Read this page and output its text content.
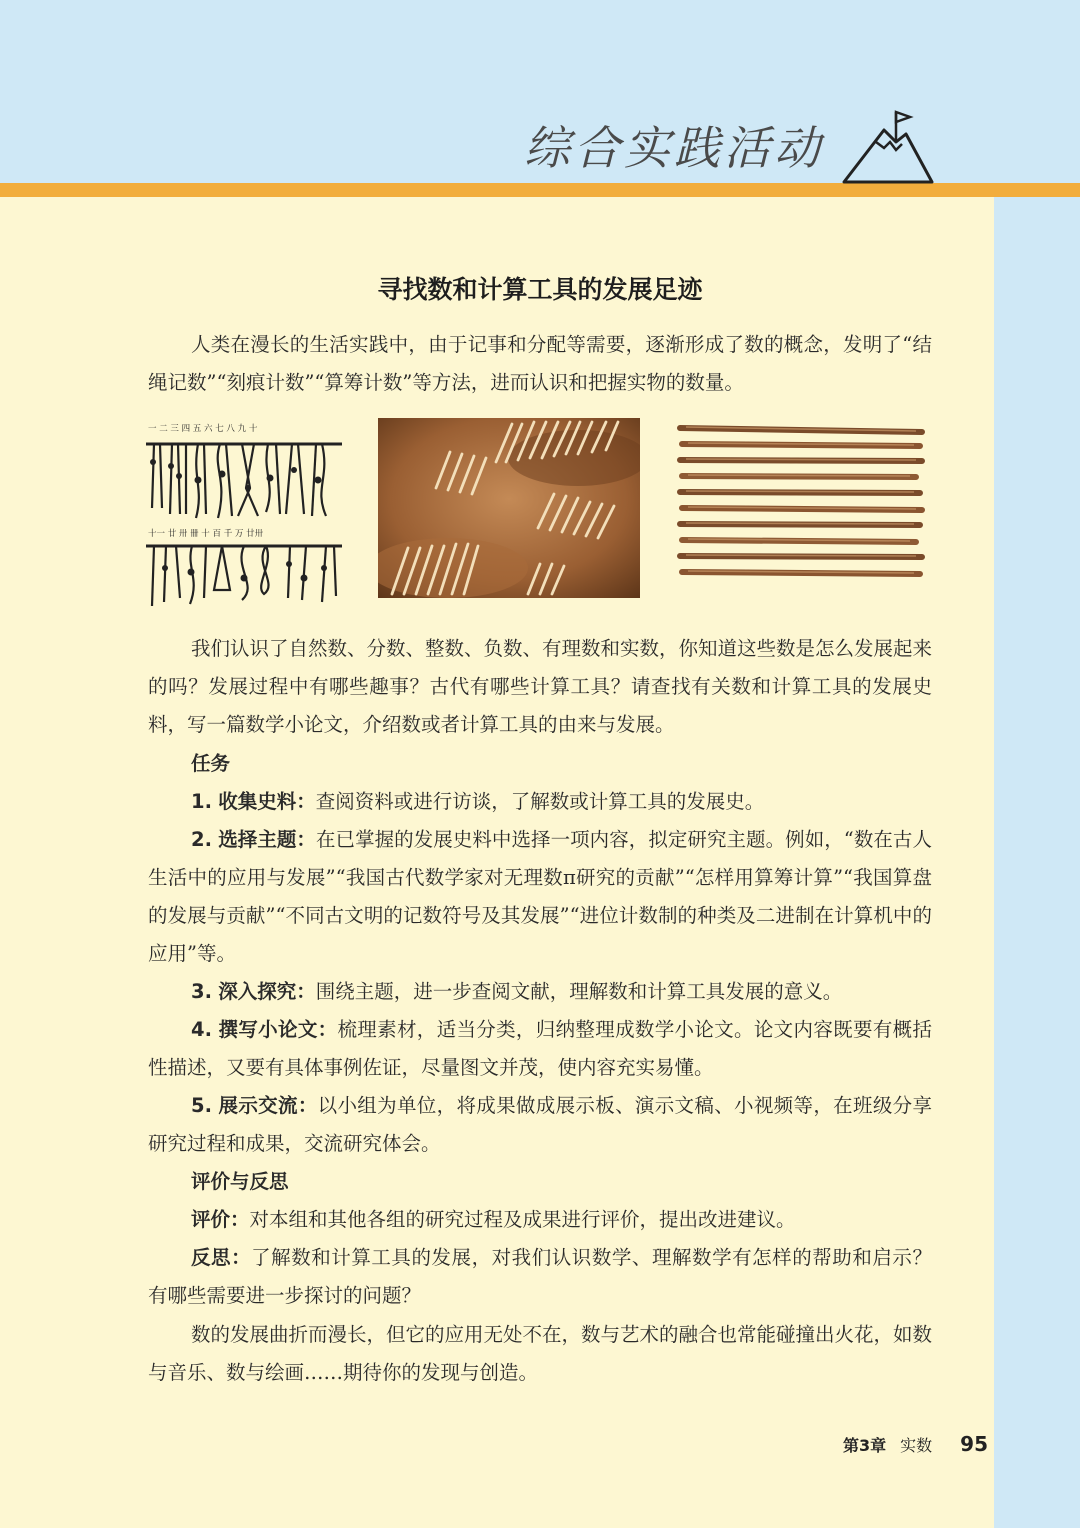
综合实践活动
寻找数和计算工具的发展足迹

人类在漫长的生活实践中，由于记事和分配等需要，逐渐形成了数的概念，发明了“结绳记数”“刻痕计数”“算筹计数”等方法，进而认识和把握实物的数量。

一 二 三 四 五 六 七 八 九 十
十一 廿 卅 卌 十 百 千 万 廿卅

我们认识了自然数、分数、整数、负数、有理数和实数，你知道这些数是怎么发展起来的吗？发展过程中有哪些趣事？古代有哪些计算工具？请查找有关数和计算工具的发展史料，写一篇数学小论文，介绍数或者计算工具的由来与发展。

任务

1. 收集史料：查阅资料或进行访谈，了解数或计算工具的发展史。

2. 选择主题：在已掌握的发展史料中选择一项内容，拟定研究主题。例如，“数在古人生活中的应用与发展”“我国古代数学家对无理数π研究的贡献”“怎样用算筹计算”“我国算盘的发展与贡献”“不同古文明的记数符号及其发展”“进位计数制的种类及二进制在计算机中的应用”等。

3. 深入探究：围绕主题，进一步查阅文献，理解数和计算工具发展的意义。

4. 撰写小论文：梳理素材，适当分类，归纳整理成数学小论文。论文内容既要有概括性描述，又要有具体事例佐证，尽量图文并茂，使内容充实易懂。

5. 展示交流：以小组为单位，将成果做成展示板、演示文稿、小视频等，在班级分享研究过程和成果，交流研究体会。

评价与反思

评价：对本组和其他各组的研究过程及成果进行评价，提出改进建议。

反思：了解数和计算工具的发展，对我们认识数学、理解数学有怎样的帮助和启示？有哪些需要进一步探讨的问题？

数的发展曲折而漫长，但它的应用无处不在，数与艺术的融合也常能碰撞出火花，如数与音乐、数与绘画……期待你的发现与创造。

第3章 实数 95
